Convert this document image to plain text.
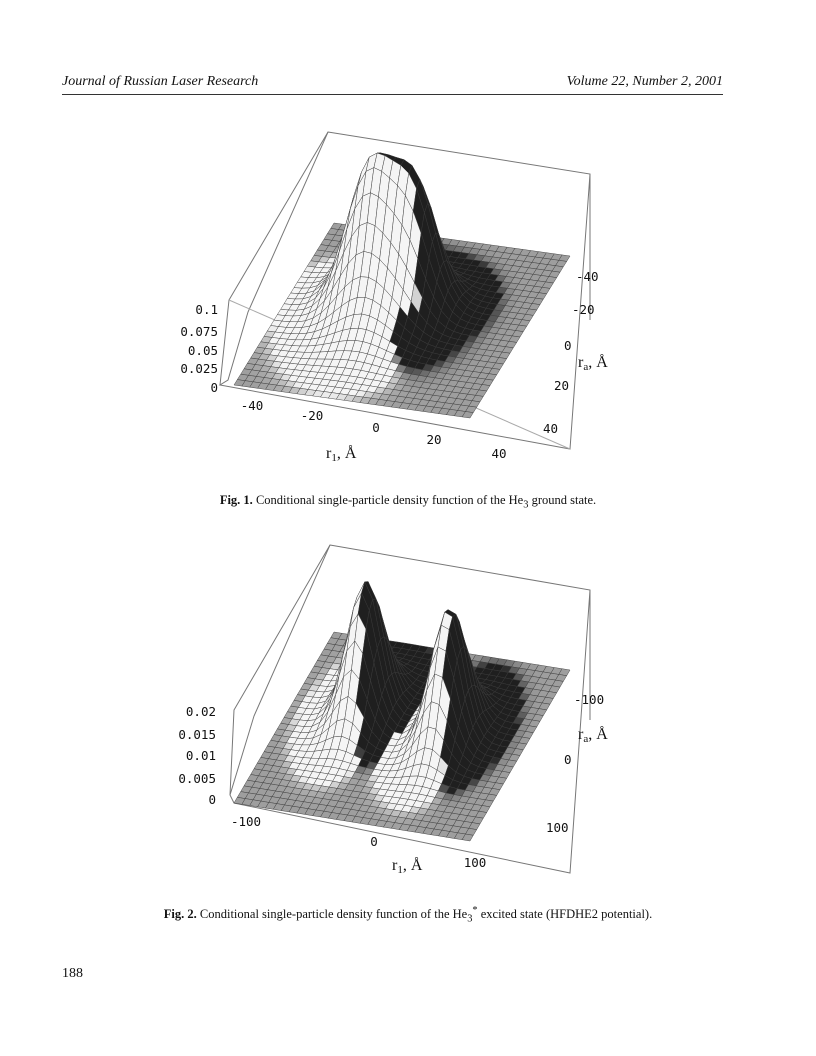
Journal of Russian Laser Research	Volume 22, Number 2, 2001
0.1
0.075
0.05
0.025
0
-40
-20
0
20
40
-40
-20
0
20
40
r1, Å
ra, Å
Fig. 1. Conditional single-particle density function of the $He_3$ ground state.
0.02
0.015
0.01
0.005
0
-100
0
100
-100
0
100
r1, Å
ra, Å
Fig. 2. Conditional single-particle density function of the $He_3^*$ excited state (HFDHE2 potential).
188
